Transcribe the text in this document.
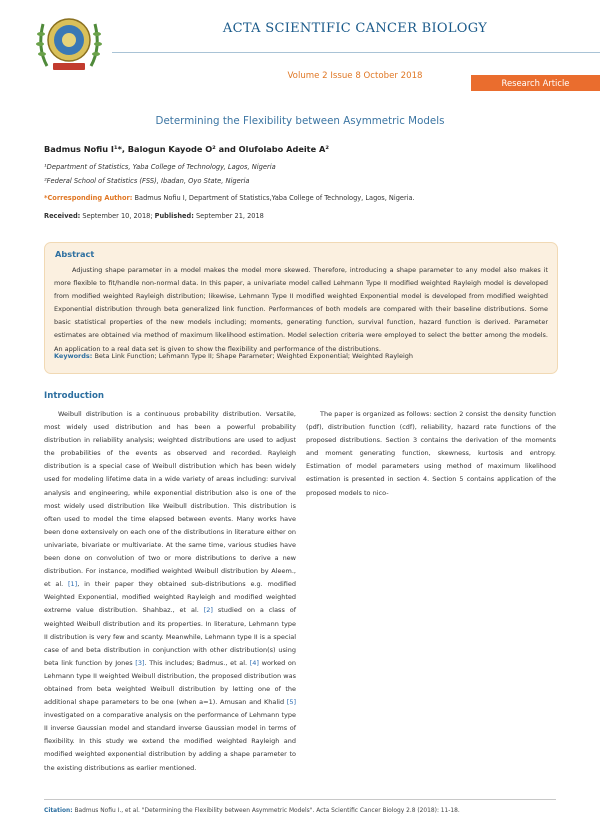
ACTA SCIENTIFIC CANCER BIOLOGY
Volume 2 Issue 8 October 2018
Research Article
Determining the Flexibility between Asymmetric Models
Badmus Nofiu I¹*, Balogun Kayode O² and Olufolabo Adeite A²
¹Department of Statistics, Yaba College of Technology, Lagos, Nigeria
²Federal School of Statistics (FSS), Ibadan, Oyo State, Nigeria
*Corresponding Author: Badmus Nofiu I, Department of Statistics,Yaba College of Technology, Lagos, Nigeria.
Received: September 10, 2018; Published: September 21, 2018
Abstract
Adjusting shape parameter in a model makes the model more skewed. Therefore, introducing a shape parameter to any model also makes it more flexible to fit/handle non-normal data. In this paper, a univariate model called Lehmann Type II modified weighted Rayleigh model is developed from modified weighted Rayleigh distribution; likewise, Lehmann Type II modified weighted Exponential model is developed from modified weighted Exponential distribution through beta generalized link function. Performances of both models are compared with their baseline distributions. Some basic statistical properties of the new models including; moments, generating function, survival function, hazard function is derived. Parameter estimates are obtained via method of maximum likelihood estimation. Model selection criteria were employed to select the better among the models. An application to a real data set is given to show the flexibility and performance of the distributions.
Keywords: Beta Link Function; Lehmann Type II; Shape Parameter; Weighted Exponential; Weighted Rayleigh
Introduction
Weibull distribution is a continuous probability distribution. Versatile, most widely used distribution and has been a powerful probability distribution in reliability analysis; weighted distributions are used to adjust the probabilities of the events as observed and recorded. Rayleigh distribution is a special case of Weibull distribution which has been widely used for modeling lifetime data in a wide variety of areas including: survival analysis and engineering, while exponential distribution also is one of the most widely used distribution like Weibull distribution. This distribution is often used to model the time elapsed between events. Many works have been done extensively on each one of the distributions in literature either on univariate, bivariate or multivariate. At the same time, various studies have been done on convolution of two or more distributions to derive a new distribution. For instance, modified weighted Weibull distribution by Aleem., et al. [1], in their paper they obtained sub-distributions e.g. modified Weighted Exponential, modified weighted Rayleigh and modified weighted extreme value distribution. Shahbaz., et al. [2] studied on a class of weighted Weibull distribution and its properties. In literature, Lehmann type II distribution is very few and scanty. Meanwhile, Lehmann type II is a special case of and beta distribution in conjunction with other distribution(s) using beta link function by Jones [3]. This includes; Badmus., et al. [4] worked on Lehmann type II weighted Weibull distribution, the proposed distribution was obtained from beta weighted Weibull distribution by letting one of the additional shape parameters to be one (when a=1). Amusan and Khalid [5] investigated on a comparative analysis on the performance of Lehmann type II inverse Gaussian model and standard inverse Gaussian model in terms of flexibility. In this study we extend the modified weighted Rayleigh and modified weighted exponential distribution by adding a shape parameter to the existing distributions as earlier mentioned.
The paper is organized as follows: section 2 consist the density function (pdf), distribution function (cdf), reliability, hazard rate functions of the proposed distributions. Section 3 contains the derivation of the moments and moment generating function, skewness, kurtosis and entropy. Estimation of model parameters using method of maximum likelihood estimation is presented in section 4. Section 5 contains application of the proposed models to nico-
Citation: Badmus Nofiu I., et al. "Determining the Flexibility between Asymmetric Models". Acta Scientific Cancer Biology 2.8 (2018): 11-18.
